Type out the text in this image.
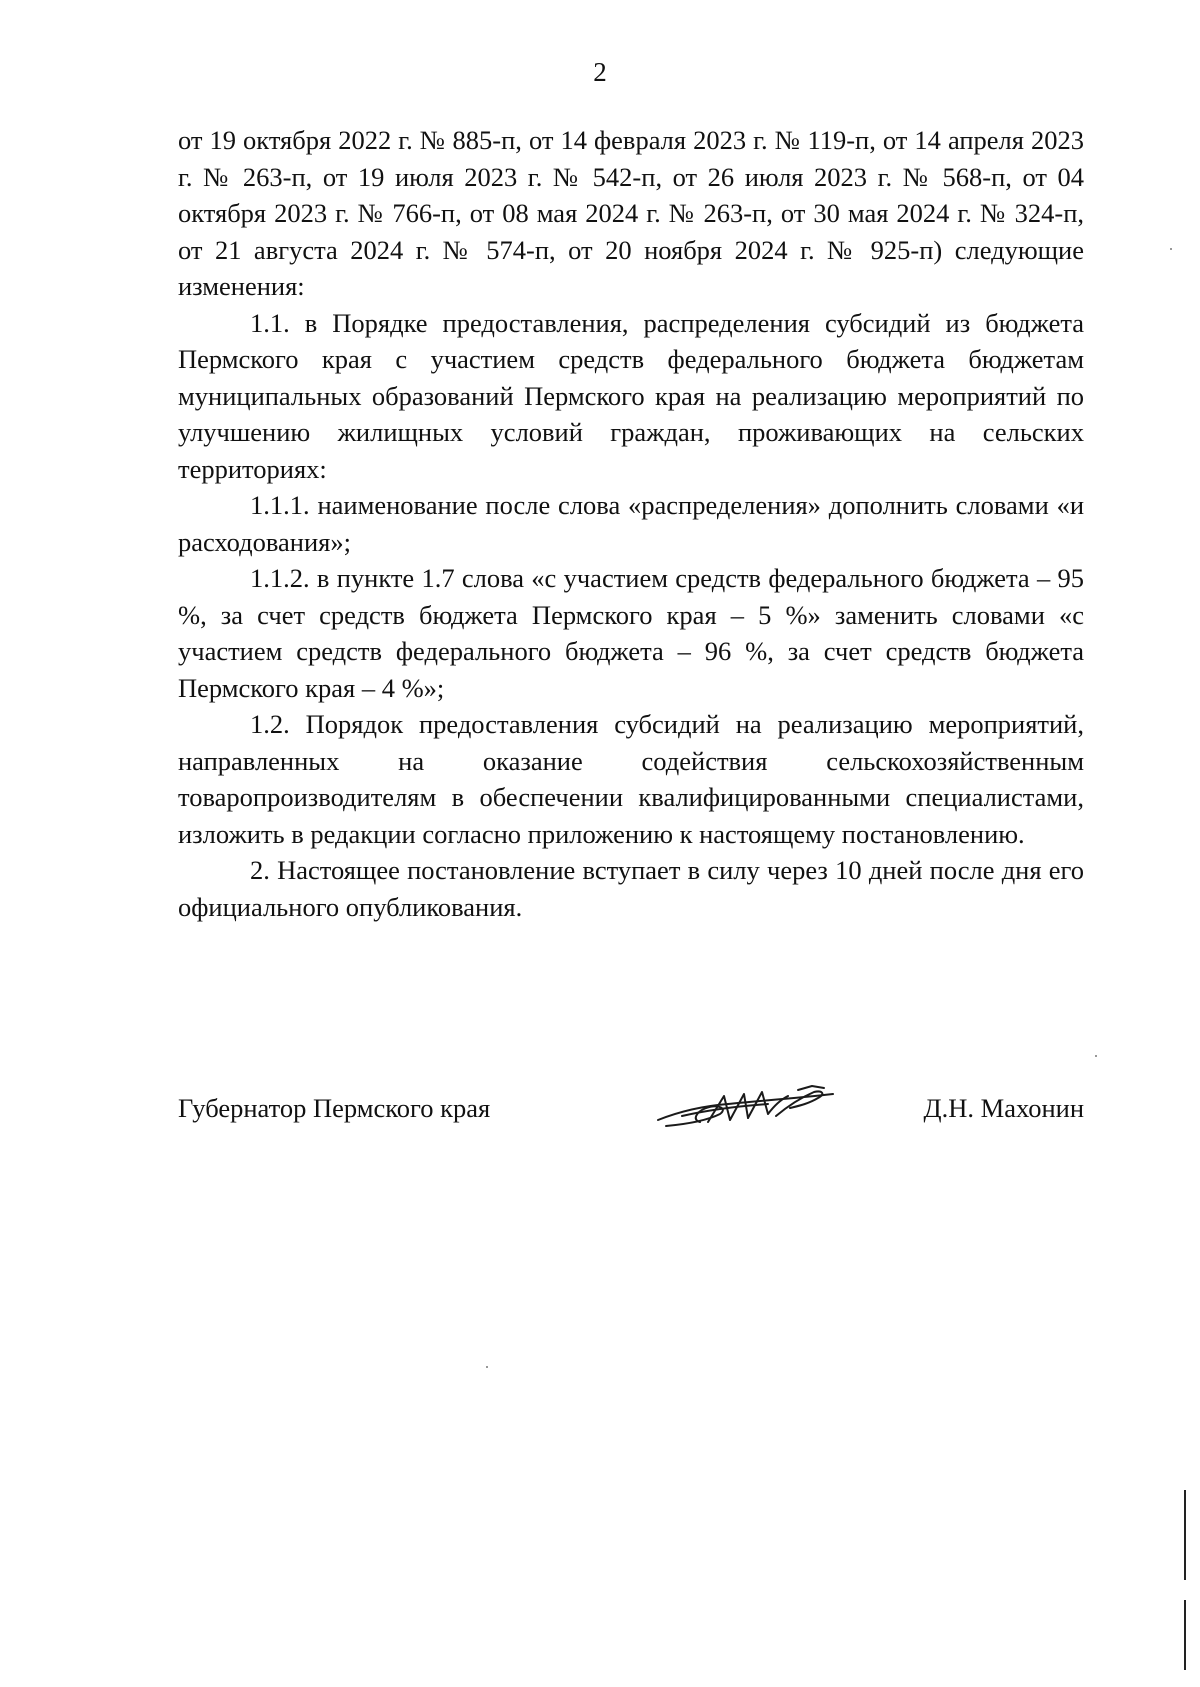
2

от 19 октября 2022 г. № 885-п, от 14 февраля 2023 г. № 119-п, от 14 апреля 2023 г. № 263-п, от 19 июля 2023 г. № 542-п, от 26 июля 2023 г. № 568-п, от 04 октября 2023 г. № 766-п, от 08 мая 2024 г. № 263-п, от 30 мая 2024 г. № 324-п, от 21 августа 2024 г. № 574-п, от 20 ноября 2024 г. № 925-п) следующие изменения:

1.1. в Порядке предоставления, распределения субсидий из бюджета Пермского края с участием средств федерального бюджета бюджетам муниципальных образований Пермского края на реализацию мероприятий по улучшению жилищных условий граждан, проживающих на сельских территориях:

1.1.1. наименование после слова «распределения» дополнить словами «и расходования»;

1.1.2. в пункте 1.7 слова «с участием средств федерального бюджета – 95 %, за счет средств бюджета Пермского края – 5 %» заменить словами «с участием средств федерального бюджета – 96 %, за счет средств бюджета Пермского края – 4 %»;

1.2. Порядок предоставления субсидий на реализацию мероприятий, направленных на оказание содействия сельскохозяйственным товаропроизводителям в обеспечении квалифицированными специалистами, изложить в редакции согласно приложению к настоящему постановлению.

2. Настоящее постановление вступает в силу через 10 дней после дня его официального опубликования.

Губернатор Пермского края	Д.Н. Махонин
